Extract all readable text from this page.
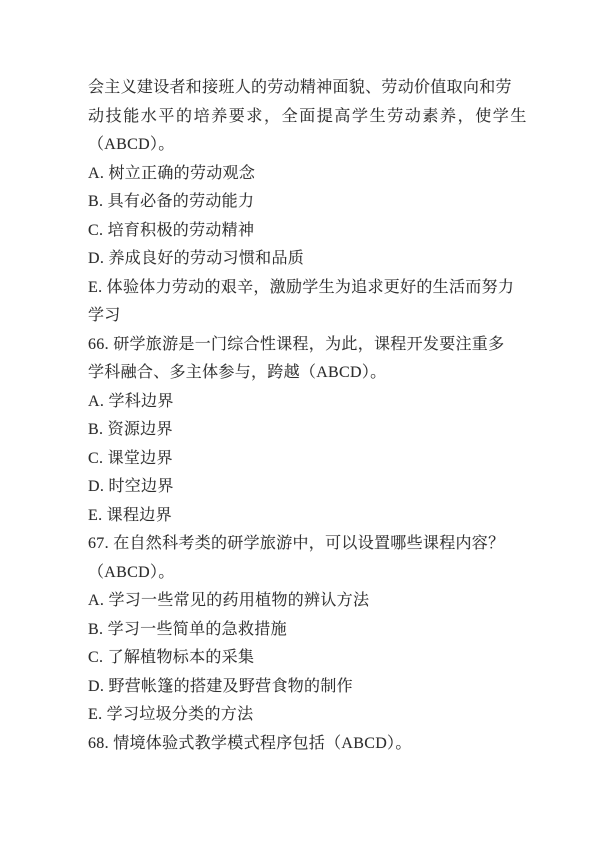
会主义建设者和接班人的劳动精神面貌、劳动价值取向和劳
动技能水平的培养要求，全面提高学生劳动素养，使学生
（ABCD）。
A. 树立正确的劳动观念
B. 具有必备的劳动能力
C. 培育积极的劳动精神
D. 养成良好的劳动习惯和品质
E. 体验体力劳动的艰辛，激励学生为追求更好的生活而努力
学习
66. 研学旅游是一门综合性课程，为此，课程开发要注重多
学科融合、多主体参与，跨越（ABCD）。
A. 学科边界
B. 资源边界
C. 课堂边界
D. 时空边界
E. 课程边界
67. 在自然科考类的研学旅游中，可以设置哪些课程内容？
（ABCD）。
A. 学习一些常见的药用植物的辨认方法
B. 学习一些简单的急救措施
C. 了解植物标本的采集
D. 野营帐篷的搭建及野营食物的制作
E. 学习垃圾分类的方法
68. 情境体验式教学模式程序包括（ABCD）。
